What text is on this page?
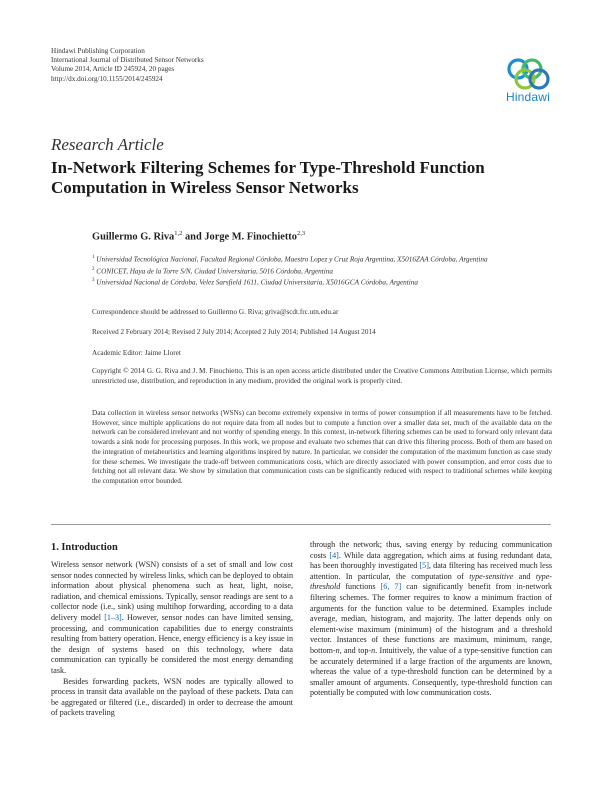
Hindawi Publishing Corporation
International Journal of Distributed Sensor Networks
Volume 2014, Article ID 245924, 20 pages
http://dx.doi.org/10.1155/2014/245924
Hindawi
Research Article
In-Network Filtering Schemes for Type-Threshold Function Computation in Wireless Sensor Networks
Guillermo G. Riva$^{1,2}$ and Jorge M. Finochietto$^{2,3}$
$^1$ Universidad Tecnológica Nacional, Facultad Regional Córdoba, Maestro Lopez y Cruz Roja Argentina, X5016ZAA Córdoba, Argentina
$^2$ CONICET, Haya de la Torre S/N, Ciudad Universitaria, 5016 Córdoba, Argentina
$^3$ Universidad Nacional de Córdoba, Velez Sarsfield 1611, Ciudad Universitaria, X5016GCA Córdoba, Argentina
Correspondence should be addressed to Guillermo G. Riva; griva@scdt.frc.utn.edu.ar
Received 2 February 2014; Revised 2 July 2014; Accepted 2 July 2014; Published 14 August 2014
Academic Editor: Jaime Lloret
Copyright © 2014 G. G. Riva and J. M. Finochietto. This is an open access article distributed under the Creative Commons Attribution License, which permits unrestricted use, distribution, and reproduction in any medium, provided the original work is properly cited.
Data collection in wireless sensor networks (WSNs) can become extremely expensive in terms of power consumption if all measurements have to be fetched. However, since multiple applications do not require data from all nodes but to compute a function over a smaller data set, much of the available data on the network can be considered irrelevant and not worthy of spending energy. In this context, in-network filtering schemes can be used to forward only relevant data towards a sink node for processing purposes. In this work, we propose and evaluate two schemes that can drive this filtering process. Both of them are based on the integration of metaheuristics and learning algorithms inspired by nature. In particular, we consider the computation of the maximum function as case study for these schemes. We investigate the trade-off between communications costs, which are directly associated with power consumption, and error costs due to fetching not all relevant data. We show by simulation that communication costs can be significantly reduced with respect to traditional schemes while keeping the computation error bounded.
1. Introduction

Wireless sensor network (WSN) consists of a set of small and low cost sensor nodes connected by wireless links, which can be deployed to obtain information about physical phenomena such as heat, light, noise, radiation, and chemical emissions. Typically, sensor readings are sent to a collector node (i.e., sink) using multihop forwarding, according to a data delivery model [1–3]. However, sensor nodes can have limited sensing, processing, and communication capabilities due to energy constraints resulting from battery operation. Hence, energy efficiency is a key issue in the design of systems based on this technology, where data communication can typically be considered the most energy demanding task.

Besides forwarding packets, WSN nodes are typically allowed to process in transit data available on the payload of these packets. Data can be aggregated or filtered (i.e., discarded) in order to decrease the amount of packets traveling

through the network; thus, saving energy by reducing communication costs [4]. While data aggregation, which aims at fusing redundant data, has been thoroughly investigated [5], data filtering has received much less attention. In particular, the computation of type-sensitive and type-threshold functions [6, 7] can significantly benefit from in-network filtering schemes. The former requires to know a minimum fraction of arguments for the function value to be determined. Examples include average, median, histogram, and majority. The latter depends only on element-wise maximum (minimum) of the histogram and a threshold vector. Instances of these functions are maximum, minimum, range, bottom-n, and top-n. Intuitively, the value of a type-sensitive function can be accurately determined if a large fraction of the arguments are known, whereas the value of a type-threshold function can be determined by a smaller amount of arguments. Consequently, type-threshold function can potentially be computed with low communication costs.
